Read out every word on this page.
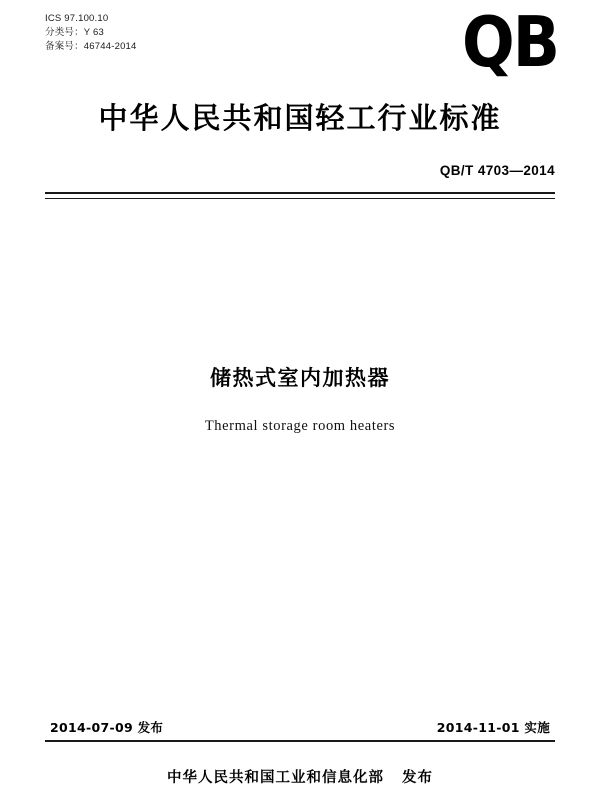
ICS 97.100.10
分类号：Y 63
备案号：46744-2014	QB
中华人民共和国轻工行业标准
QB/T 4703—2014
储热式室内加热器
Thermal storage room heaters
2014-07-09 发布	2014-11-01 实施
中华人民共和国工业和信息化部 发布
